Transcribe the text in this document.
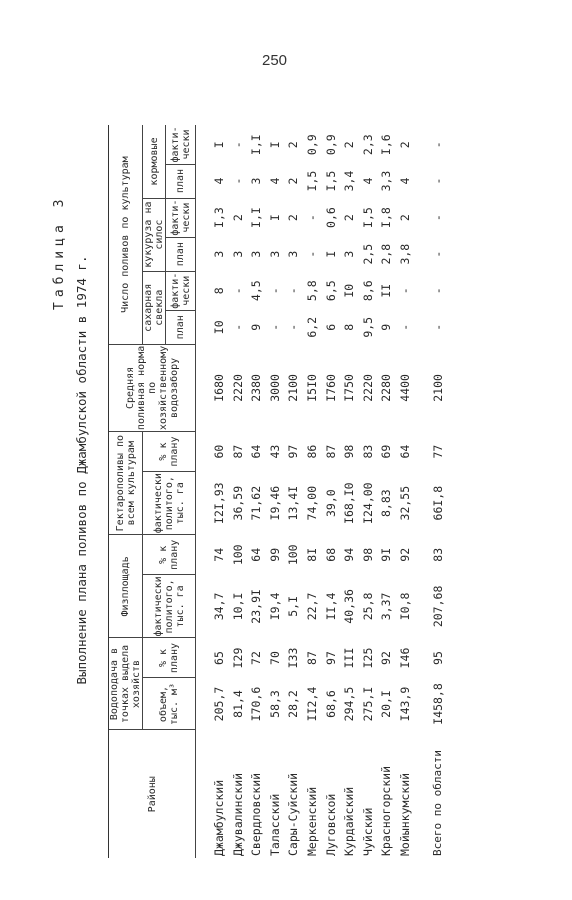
250
Таблица 3
Выполнение плана поливов по Джамбулской области в 1974 г.
Районы	Водоподача в точках выдела хозяйств		Физплощадь		Гектарополивы по всем культурам		Средняя поливная норма по хозяйственному водозабору	Число поливов по культурам					
	объем, тыс. м³	% к плану	фактически политого, тыс. га	% к плану	фактически политого, тыс. га	% к плану		сахарная свекла		кукуруза на силос		кормовые	
								план	факти-чески	план	факти-чески	план	факти-чески

Джамбулский	205,7	65	34,7	74	I2I,93	60	I680	I0	8	3	I,3	4	I
Джувалинский	81,4	I29	10,I	100	36,59	87	2220	-	-	3	2	-	-
Свердловский	I70,6	72	23,9I	64	71,62	64	2380	9	4,5	3	I,I	3	I,I
Таласский	58,3	70	I9,4	99	I9,46	43	3000	-	-	3	I	4	I
Сары-Суйский	28,2	I33	5,I	100	13,4I	97	2100	-	-	3	2	2	2
Меркенский	II2,4	87	22,7	8I	74,00	86	I5I0	6,2	5,8	-	-	I,5	0,9
Луговской	68,6	97	II,4	68	39,0	87	I760	6	6,5	I	0,6	I,5	0,9
Курдайский	294,5	III	40,36	94	I68,I0	98	I750	8	I0	3	2	3,4	2
Чуйский	275,I	I25	25,8	98	I24,00	83	2220	9,5	8,6	2,5	I,5	4	2,3
Красногорский	20,I	92	3,37	9I	8,83	69	2280	9	II	2,8	I,8	3,3	I,6
Мойынкумский	I43,9	I46	I0,8	92	32,55	64	4400	-	-	3,8	2	4	2

Всего по области	I458,8	95	207,68	83	66I,8	77	2100	-	-	-	-	-	-
